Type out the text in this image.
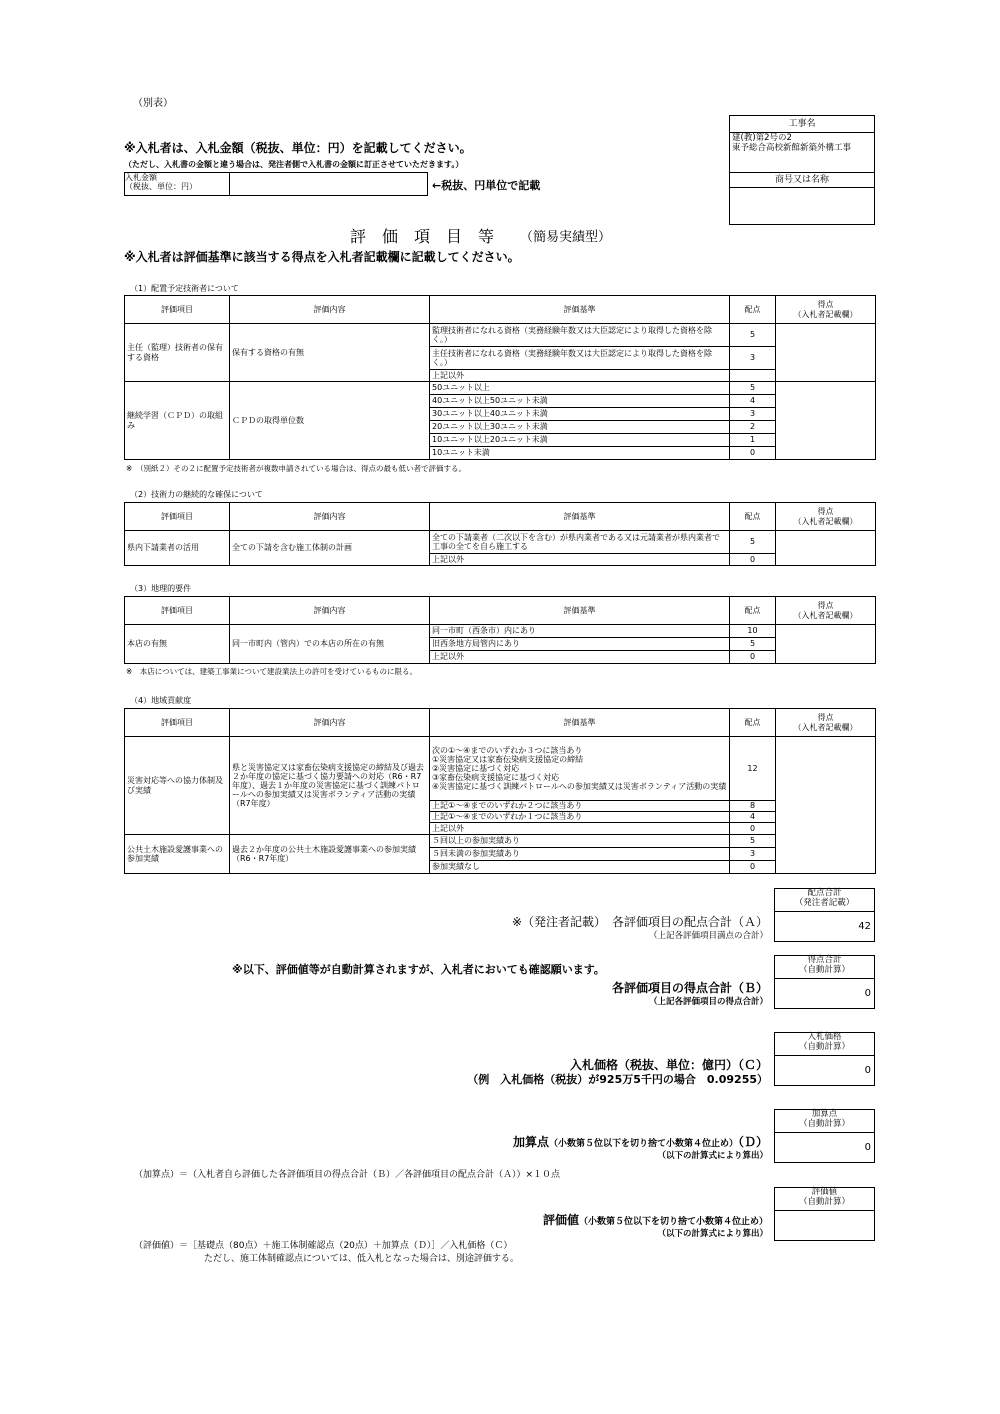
（別表）
※入札者は、入札金額（税抜、単位：円）を記載してください。
（ただし、入札書の金額と違う場合は、発注者側で入札書の金額に訂正させていただきます。）
入札金額
（税抜、単位：円）	←税抜、円単位で記載
工事名
建(教)第2号の2
東予総合高校新館新築外構工事
商号又は名称
評　価　項　目　等 （簡易実績型）
※入札者は評価基準に該当する得点を入札者記載欄に記載してください。
（1）配置予定技術者について
評価項目	評価内容	評価基準	配点	得点
（入札者記載欄）
主任（監理）技術者の保有する資格	保有する資格の有無	監理技術者になれる資格（実務経験年数又は大臣認定により取得した資格を除く。）	5	
		主任技術者になれる資格（実務経験年数又は大臣認定により取得した資格を除く。）	3	
		上記以外		
継続学習（ＣＰＤ）の取組み	ＣＰＤの取得単位数	50ユニット以上	5	
		40ユニット以上50ユニット未満	4	
		30ユニット以上40ユニット未満	3	
		20ユニット以上30ユニット未満	2	
		10ユニット以上20ユニット未満	1	
		10ユニット未満	0	
※　（別紙２）その２に配置予定技術者が複数申請されている場合は、得点の最も低い者で評価する。
（2）技術力の継続的な確保について
評価項目	評価内容	評価基準	配点	得点
（入札者記載欄）
県内下請業者の活用	全ての下請を含む施工体制の計画	全ての下請業者（二次以下を含む）が県内業者である又は元請業者が県内業者で工事の全てを自ら施工する	5	
		上記以外	0	
（3）地理的要件
評価項目	評価内容	評価基準	配点	得点
（入札者記載欄）
本店の有無	同一市町内（管内）での本店の所在の有無	同一市町（西条市）内にあり	10	
		旧西条地方局管内にあり	5	
		上記以外	0	
※　本店については、建築工事業について建設業法上の許可を受けているものに限る。
（4）地域貢献度
評価項目	評価内容	評価基準	配点	得点
（入札者記載欄）
災害対応等への協力体制及び実績	県と災害協定又は家畜伝染病支援協定の締結及び過去２か年度の協定に基づく協力要請への対応（R6・R7年度）、過去１か年度の災害協定に基づく訓練パトロールへの参加実績又は災害ボランティア活動の実績（R7年度）	次の①～④までのいずれか３つに該当あり
①災害協定又は家畜伝染病支援協定の締結
②災害協定に基づく対応
③家畜伝染病支援協定に基づく対応
④災害協定に基づく訓練パトロールへの参加実績又は災害ボランティア活動の実績	12	
		上記①～④までのいずれか２つに該当あり	8	
		上記①～④までのいずれか１つに該当あり	4	
		上記以外	0	
公共土木施設愛護事業への参加実績	過去２か年度の公共土木施設愛護事業への参加実績（R6・R7年度）	５回以上の参加実績あり	5	
		５回未満の参加実績あり	3	
		参加実績なし	0	
配点合計
（発注者記載）
42
※（発注者記載）　各評価項目の配点合計（Ａ）
（上記各評価項目満点の合計）
※以下、評価値等が自動計算されますが、入札者においても確認願います。
得点合計
（自動計算）
0
各評価項目の得点合計（Ｂ）
（上記各評価項目の得点合計）
入札価格
（自動計算）
0
入札価格（税抜、単位：億円）（Ｃ）
（例　入札価格（税抜）が925万5千円の場合　0.09255）
加算点
（自動計算）
0
加算点（小数第５位以下を切り捨て小数第４位止め）（Ｄ）
（以下の計算式により算出）
（加算点）＝（入札者自ら評価した各評価項目の得点合計（Ｂ）／各評価項目の配点合計（Ａ））×１０点
評価値
（自動計算）
評価値（小数第５位以下を切り捨て小数第４位止め）
（以下の計算式により算出）
（評価値）＝［基礎点（80点）＋施工体制確認点（20点）＋加算点（Ｄ）］／入札価格（Ｃ）
ただし、施工体制確認点については、低入札となった場合は、別途評価する。
